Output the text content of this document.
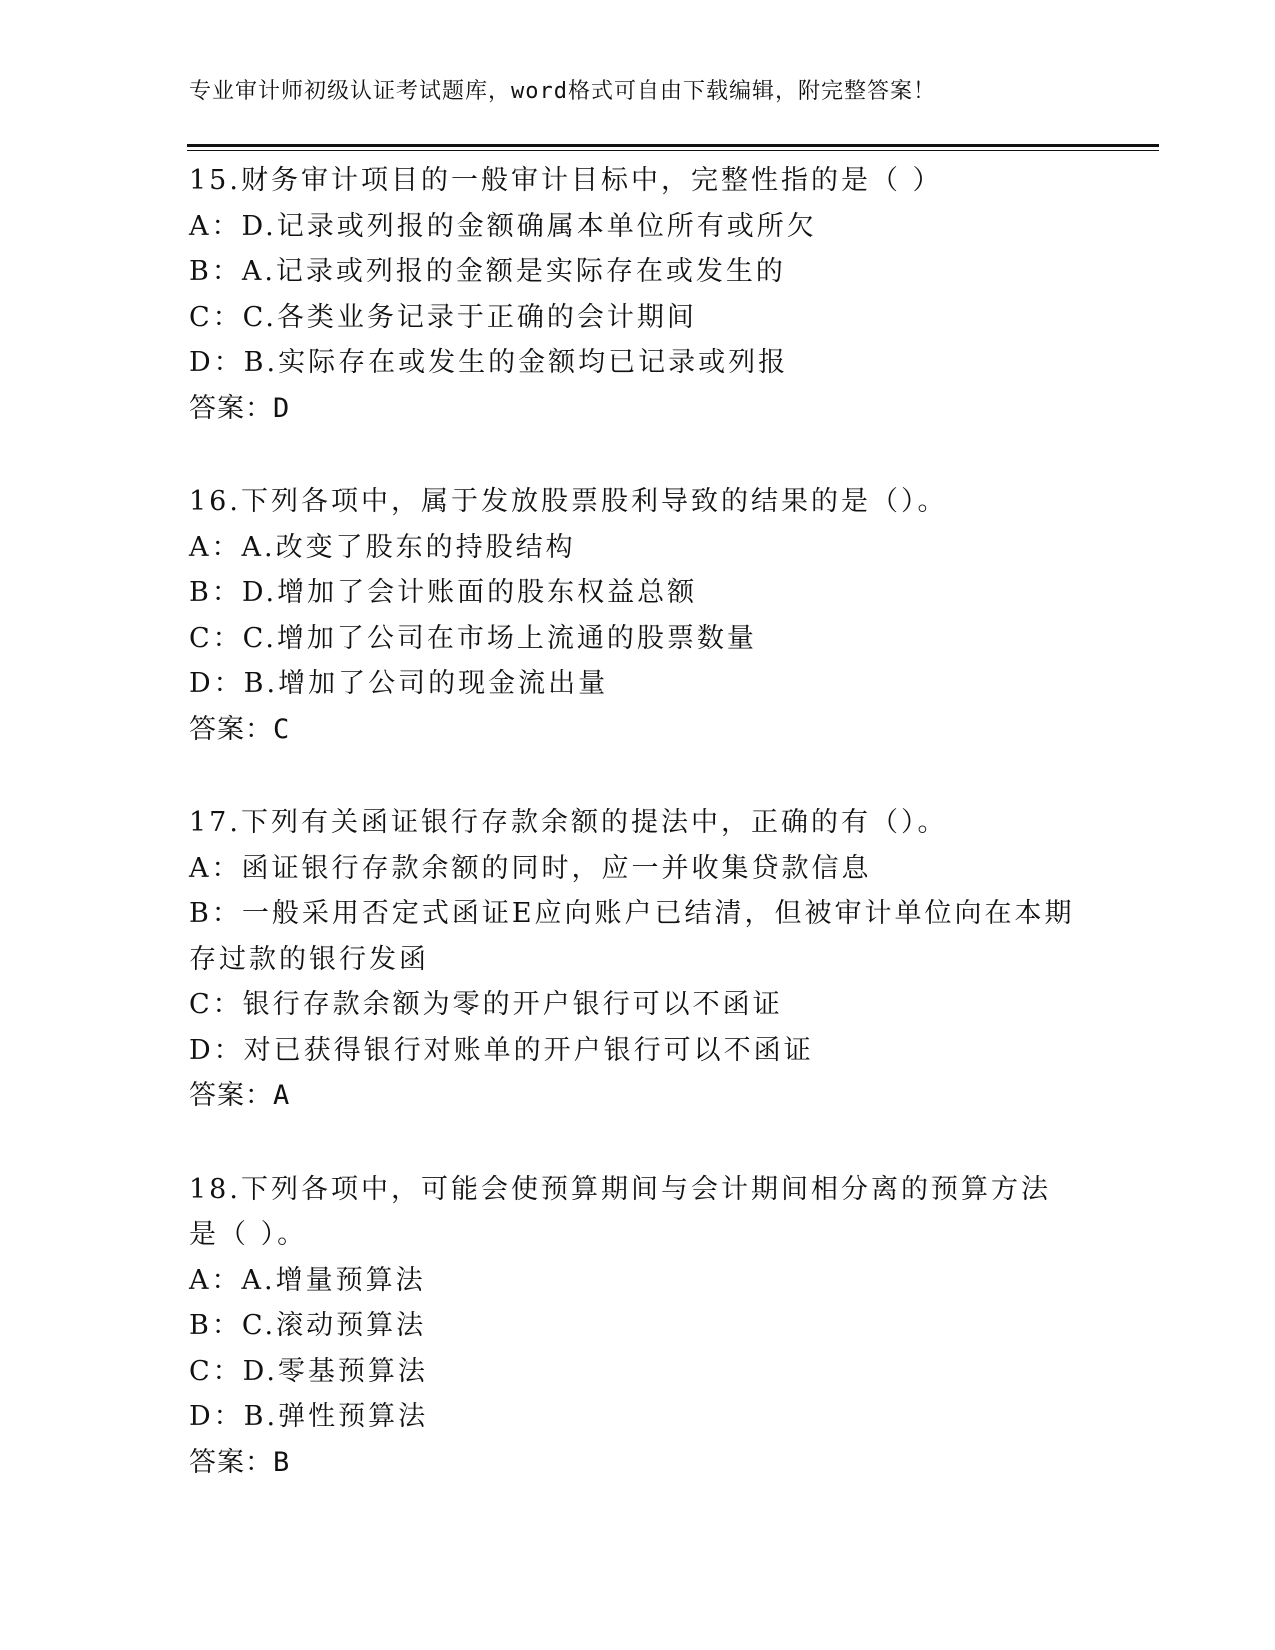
专业审计师初级认证考试题库，word格式可自由下载编辑，附完整答案！
15.财务审计项目的一般审计目标中，完整性指的是（ ）
A：D.记录或列报的金额确属本单位所有或所欠
B：A.记录或列报的金额是实际存在或发生的
C：C.各类业务记录于正确的会计期间
D：B.实际存在或发生的金额均已记录或列报
答案：D
16.下列各项中，属于发放股票股利导致的结果的是（）。
A：A.改变了股东的持股结构
B：D.增加了会计账面的股东权益总额
C：C.增加了公司在市场上流通的股票数量
D：B.增加了公司的现金流出量
答案：C
17.下列有关函证银行存款余额的提法中，正确的有（）。
A：函证银行存款余额的同时，应一并收集贷款信息
B：一般采用否定式函证E应向账户已结清，但被审计单位向在本期存过款的银行发函
C：银行存款余额为零的开户银行可以不函证
D：对已获得银行对账单的开户银行可以不函证
答案：A
18.下列各项中，可能会使预算期间与会计期间相分离的预算方法是（ ）。
A：A.增量预算法
B：C.滚动预算法
C：D.零基预算法
D：B.弹性预算法
答案：B
